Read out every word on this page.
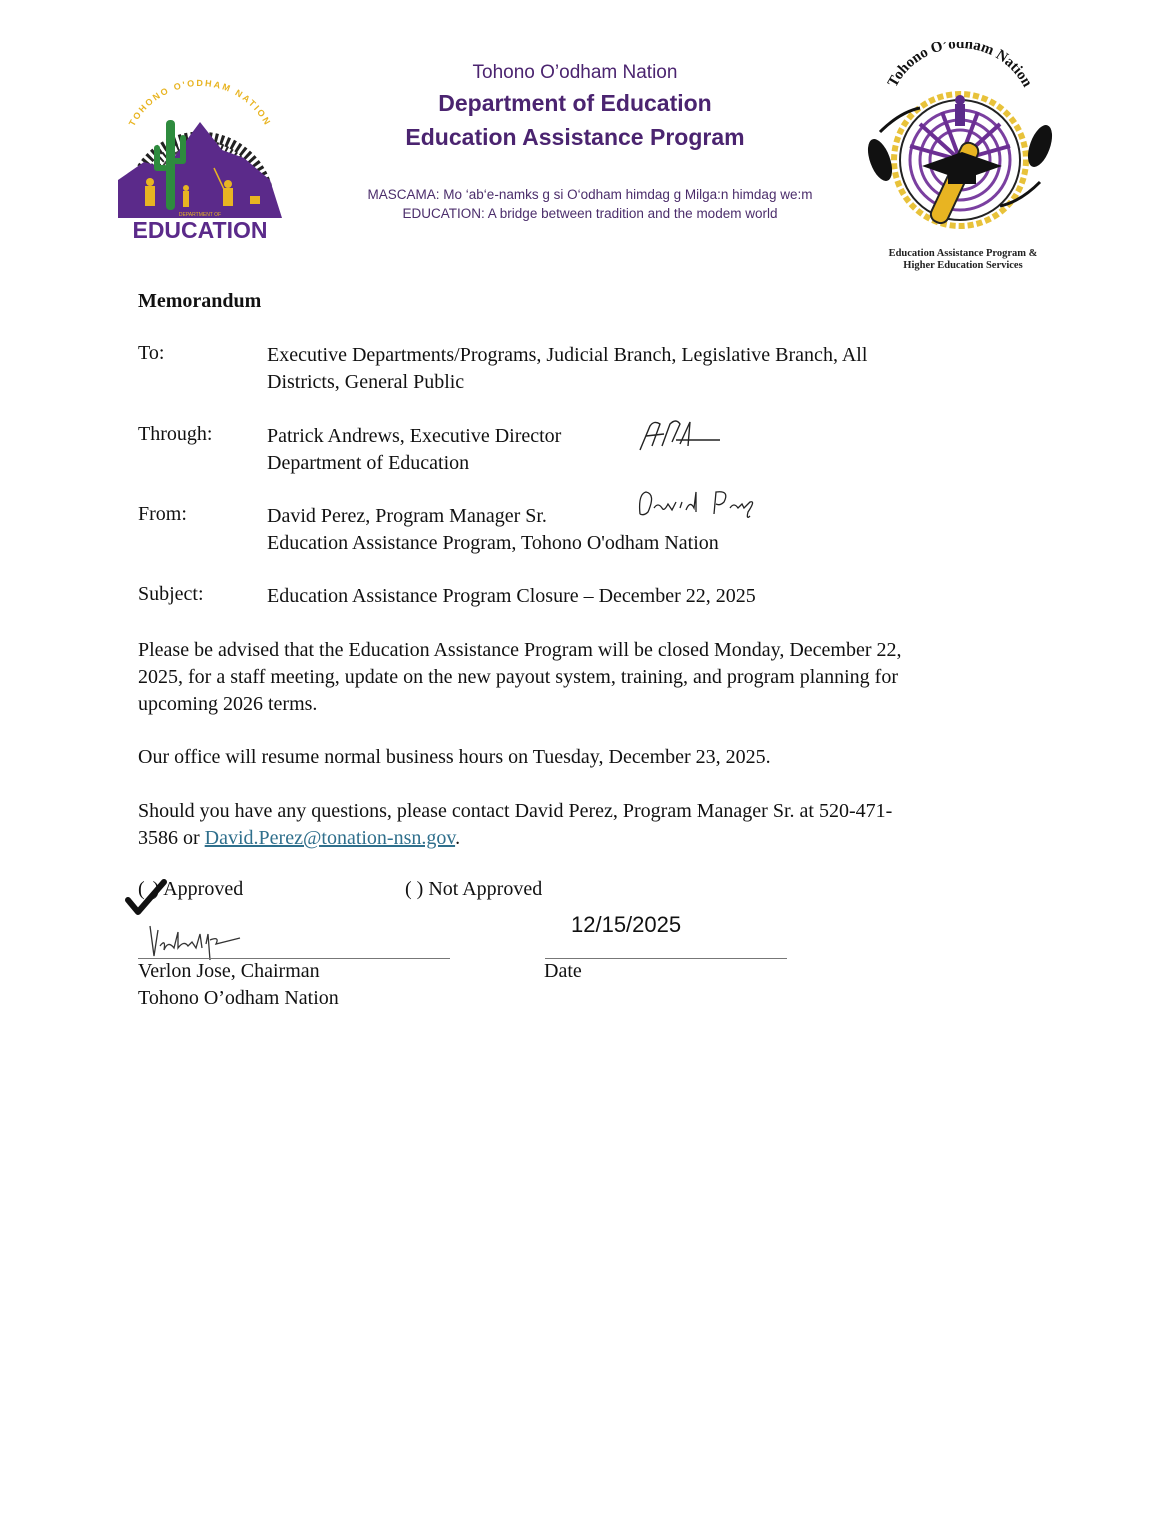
TOHONO O'ODHAM NATION
DEPARTMENT OF
EDUCATION
Tohono O’odham Nation
Department of Education
Education Assistance Program
MASCAMA: Mo ‘ab‘e-namks g si O‘odham himdag g Milga:n himdag we:m
EDUCATION: A bridge between tradition and the modem world
Tohono O’odham Nation
Education Assistance Program &
Higher Education Services
Memorandum
To:	Executive Departments/Programs, Judicial Branch, Legislative Branch, All
Districts, General Public
Through:	Patrick Andrews, Executive Director
Department of Education
From:	David Perez, Program Manager Sr.
Education Assistance Program, Tohono O'odham Nation
Subject:	Education Assistance Program Closure – December 22, 2025
Please be advised that the Education Assistance Program will be closed Monday, December 22,
2025, for a staff meeting, update on the new payout system, training, and program planning for
upcoming 2026 terms.
Our office will resume normal business hours on Tuesday, December 23, 2025.
Should you have any questions, please contact David Perez, Program Manager Sr. at 520-471-
3586 or David.Perez@tonation-nsn.gov.
( ) Approved	( ) Not Approved
12/15/2025
Verlon Jose, Chairman
Tohono O’odham Nation
Date
